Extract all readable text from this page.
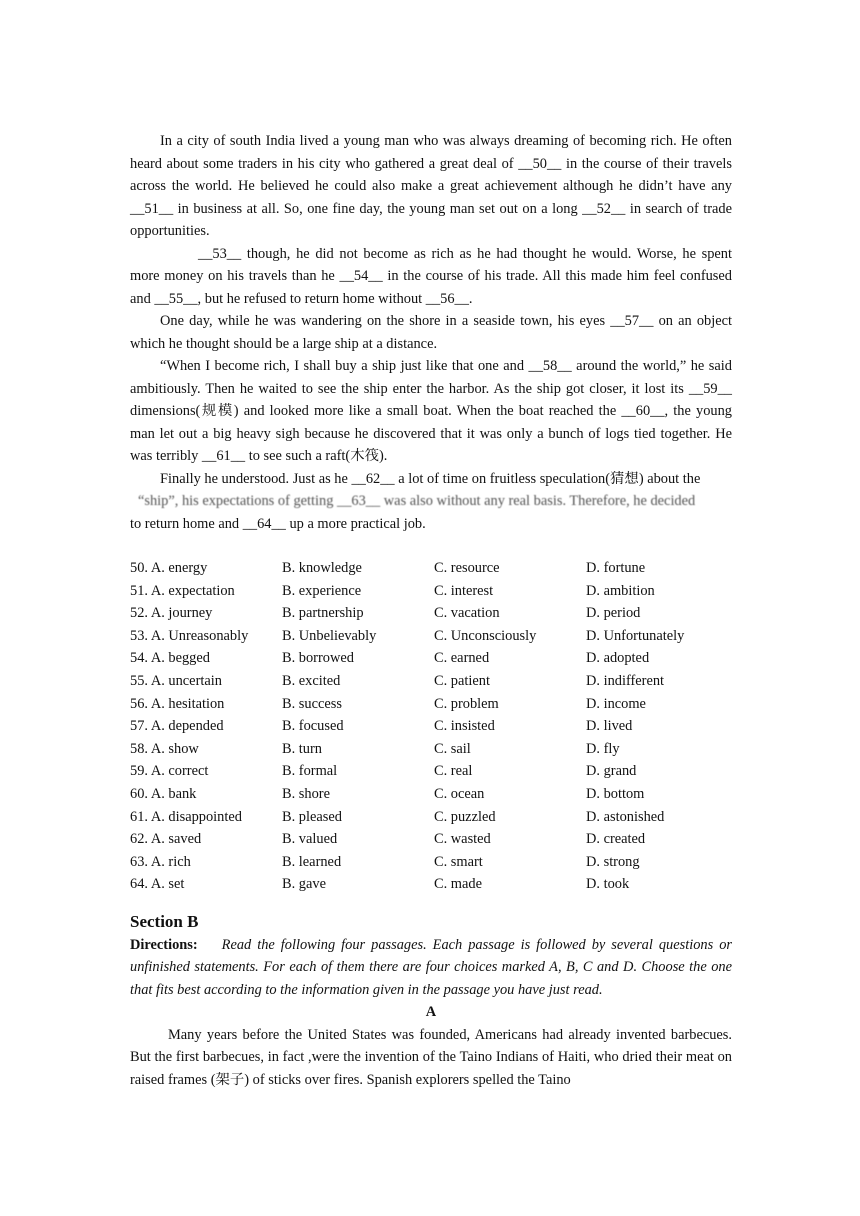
In a city of south India lived a young man who was always dreaming of becoming rich. He often heard about some traders in his city who gathered a great deal of __50__ in the course of their travels across the world. He believed he could also make a great achievement although he didn’t have any __51__ in business at all. So, one fine day, the young man set out on a long __52__ in search of trade opportunities.

__53__ though, he did not become as rich as he had thought he would. Worse, he spent more money on his travels than he __54__ in the course of his trade. All this made him feel confused and __55__, but he refused to return home without __56__.

One day, while he was wandering on the shore in a seaside town, his eyes __57__ on an object which he thought should be a large ship at a distance.

“When I become rich, I shall buy a ship just like that one and __58__ around the world,” he said ambitiously. Then he waited to see the ship enter the harbor. As the ship got closer, it lost its __59__ dimensions(规模) and looked more like a small boat. When the boat reached the __60__, the young man let out a big heavy sigh because he discovered that it was only a bunch of logs tied together. He was terribly __61__ to see such a raft(木筏).

Finally he understood. Just as he __62__ a lot of time on fruitless speculation(猜想) about the

“ship”, his expectations of getting __63__ was also without any real basis. Therefore, he decided

to return home and __64__ up a more practical job.

50. A. energy	B. knowledge	C. resource	D. fortune
51. A. expectation	B. experience	C. interest	D. ambition
52. A. journey	B. partnership	C. vacation	D. period
53. A. Unreasonably	B. Unbelievably	C. Unconsciously	D. Unfortunately
54. A. begged	B. borrowed	C. earned	D. adopted
55. A. uncertain	B. excited	C. patient	D. indifferent
56. A. hesitation	B. success	C. problem	D. income
57. A. depended	B. focused	C. insisted	D. lived
58. A. show	B. turn	C. sail	D. fly
59. A. correct	B. formal	C. real	D. grand
60. A. bank	B. shore	C. ocean	D. bottom
61. A. disappointed	B. pleased	C. puzzled	D. astonished
62. A. saved	B. valued	C. wasted	D. created
63. A. rich	B. learned	C. smart	D. strong
64. A. set	B. gave	C. made	D. took

Section B

Directions: Read the following four passages. Each passage is followed by several questions or unfinished statements. For each of them there are four choices marked A, B, C and D. Choose the one that fits best according to the information given in the passage you have just read.

A

Many years before the United States was founded, Americans had already invented barbecues. But the first barbecues, in fact ,were the invention of the Taino Indians of Haiti, who dried their meat on raised frames (架子) of sticks over fires. Spanish explorers spelled the Taino
